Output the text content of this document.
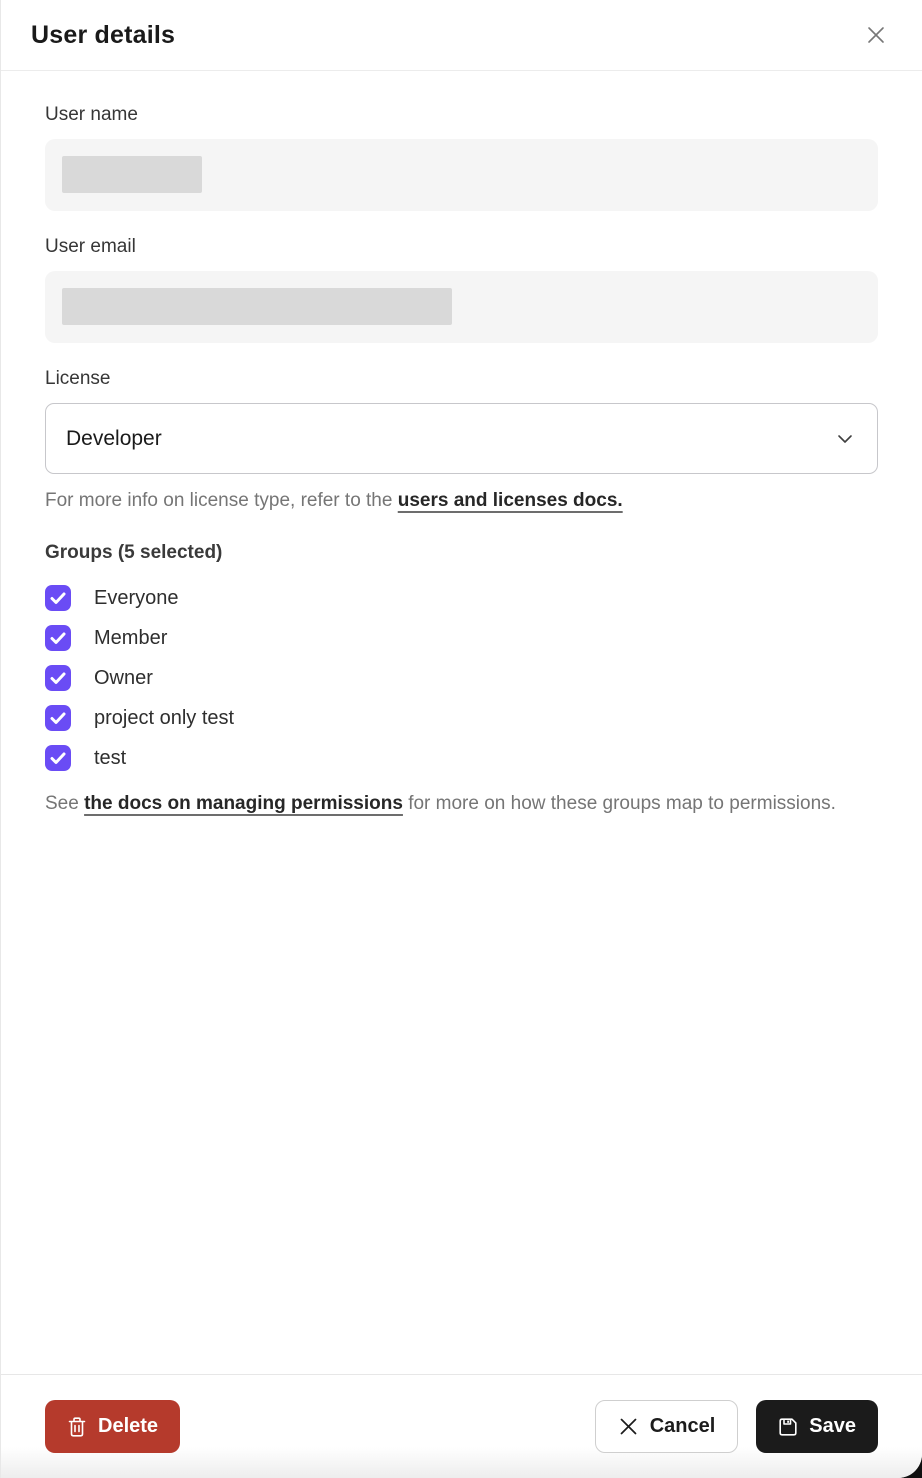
User details
User name
User email
License
Developer
For more info on license type, refer to the users and licenses docs.
Groups (5 selected)
Everyone
Member
Owner
project only test
test
See the docs on managing permissions for more on how these groups map to permissions.
Delete	Cancel	Save
